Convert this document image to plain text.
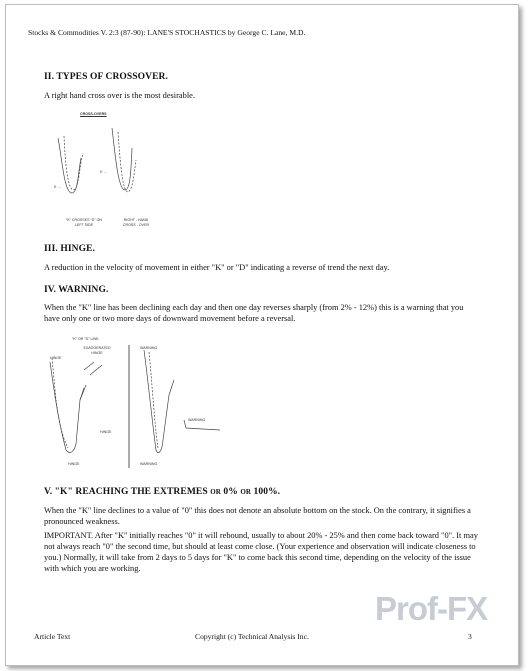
Stocks & Commodities V. 2:3 (87-90): LANE'S STOCHASTICS by George C. Lane, M.D.
II. TYPES OF CROSSOVER.
A right hand cross over is the most desirable.
CROSS-OVERS
K →
K →
"K" CROSSES "D" ON LEFT SIDE
RIGHT - HAND CROSS - OVER
III. HINGE.
A reduction in the velocity of movement in either "K" or "D" indicating a reverse of trend the next day.
IV. WARNING.
When the "K" line has been declining each day and then one day reverses sharply (from 2% - 12%) this is a warning that you have only one or two more days of downward movement before a reversal.
"K" OR "D" LINE
HINGE
EXAGGERATED HINGE
HINGE
HINGE
WARNING
WARNING
WARNING
V. "K" REACHING THE EXTREMES OR 0% OR 100%.
When the "K" line declines to a value of "0" this does not denote an absolute bottom on the stock. On the contrary, it signifies a pronounced weakness.
IMPORTANT. After "K" initially reaches "0" it will rebound, usually to about 20% - 25% and then come back toward "0". It may not always reach "0" the second time, but should at least come close. (Your experience and observation will indicate closeness to you.) Normally, it will take from 2 days to 5 days for "K" to come back this second time, depending on the velocity of the issue with which you are working.
Prof-FX
Article Text	Copyright (c) Technical Analysis Inc.	3
